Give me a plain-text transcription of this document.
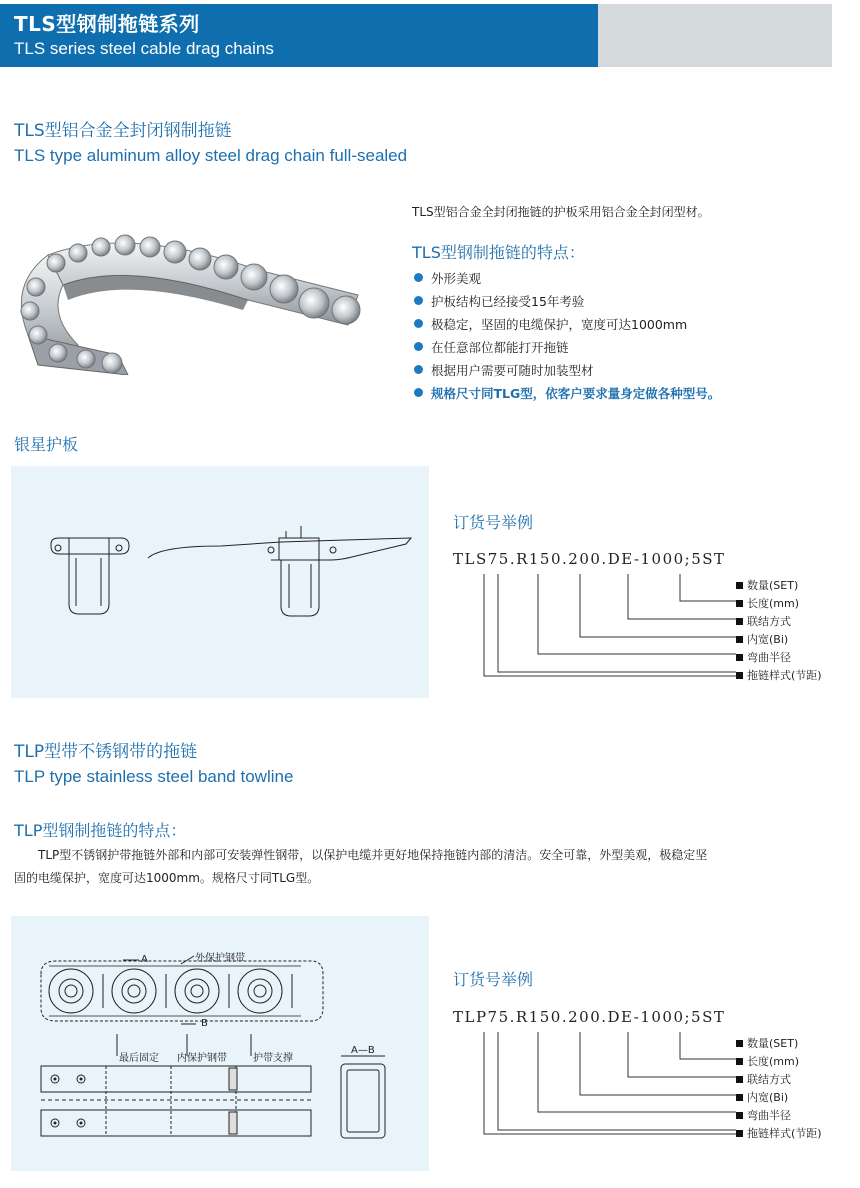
TLS型钢制拖链系列
TLS series steel cable drag chains
TLS型铝合金全封闭钢制拖链
TLS type aluminum alloy steel drag chain full-sealed
TLS型铝合金全封闭拖链的护板采用铝合金全封闭型材。
TLS型钢制拖链的特点：
外形美观
护板结构已经接受15年考验
极稳定，坚固的电缆保护，宽度可达1000mm
在任意部位都能打开拖链
根据用户需要可随时加装型材
规格尺寸同TLG型，依客户要求量身定做各种型号。
银星护板
订货号举例
TLS75.R150.200.DE-1000;5ST
数量(SET)
长度(mm)
联结方式
内宽(Bi)
弯曲半径
拖链样式(节距)
TLP型带不锈钢带的拖链
TLP type stainless steel band towline
TLP型钢制拖链的特点：
TLP型不锈钢护带拖链外部和内部可安装弹性钢带，以保护电缆并更好地保持拖链内部的清洁。安全可靠，外型美观，极稳定坚
固的电缆保护，宽度可达1000mm。规格尺寸同TLG型。
外保护钢带
A
B
最后固定 内保护钢带	护带支撑
A—B
订货号举例
TLP75.R150.200.DE-1000;5ST
数量(SET)
长度(mm)
联结方式
内宽(Bi)
弯曲半径
拖链样式(节距)
